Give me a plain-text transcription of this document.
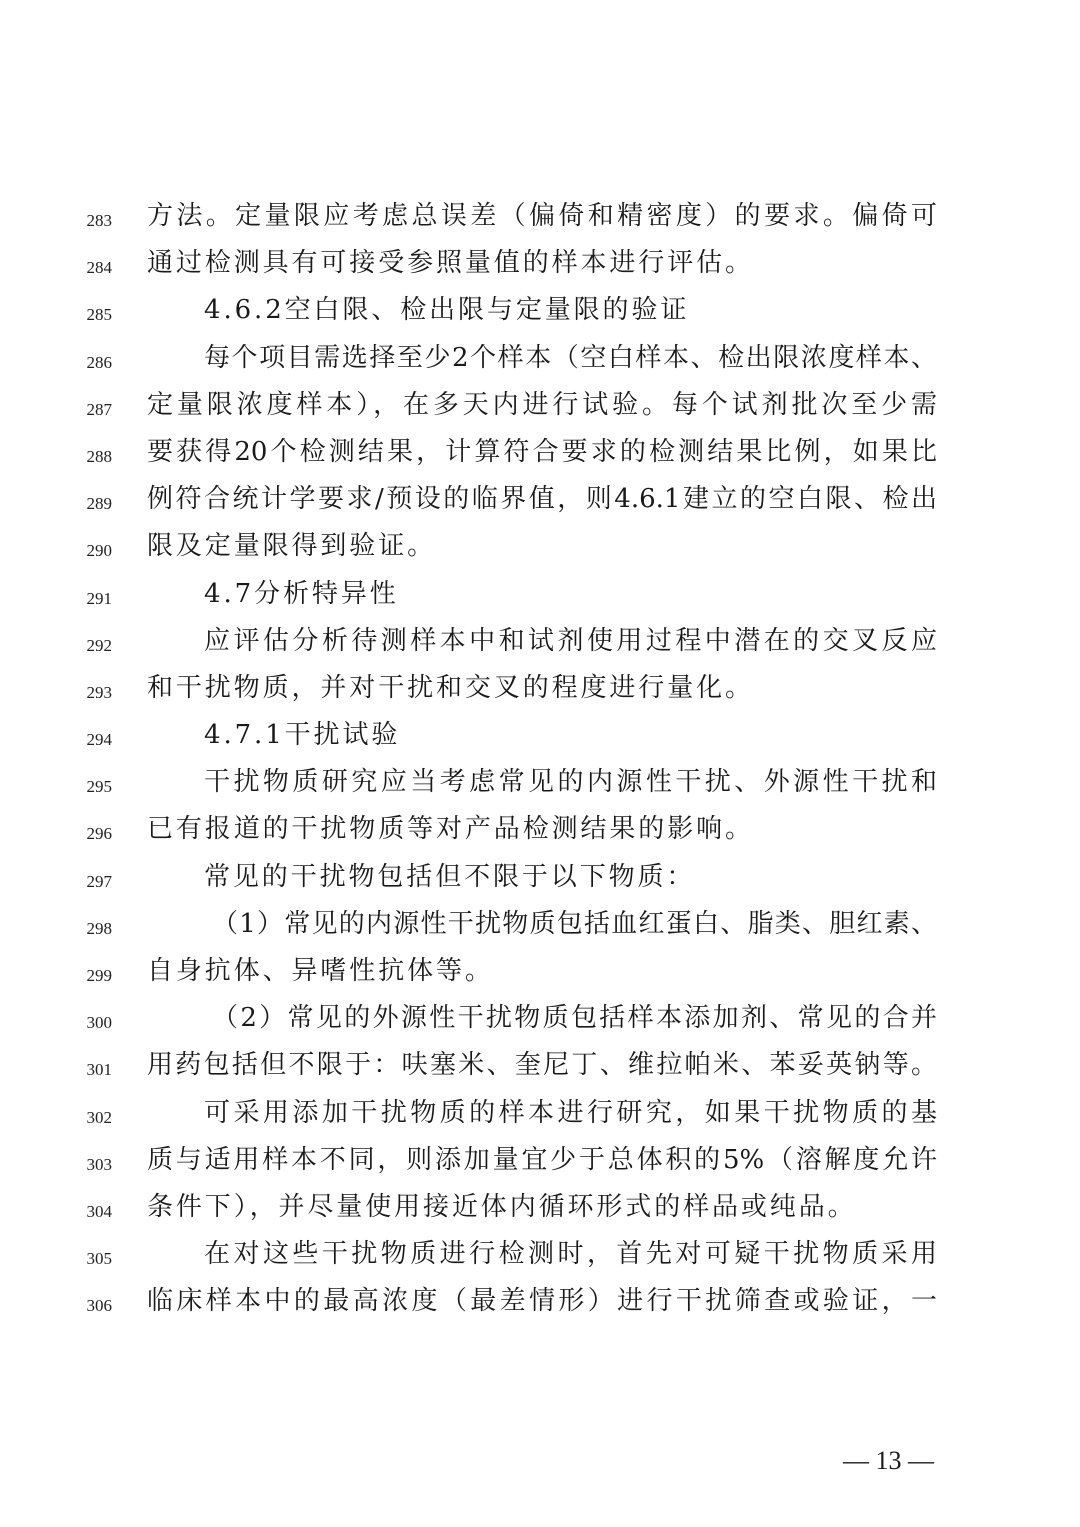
283 方法。定量限应考虑总误差（偏倚和精密度）的要求。偏倚可
284 通过检测具有可接受参照量值的样本进行评估。
285	4.6.2空白限、检出限与定量限的验证
286	每个项目需选择至少2个样本（空白样本、检出限浓度样本、
287 定量限浓度样本），在多天内进行试验。每个试剂批次至少需
288 要获得20个检测结果，计算符合要求的检测结果比例，如果比
289 例符合统计学要求/预设的临界值，则4.6.1建立的空白限、检出
290 限及定量限得到验证。
291	4.7分析特异性
292	应评估分析待测样本中和试剂使用过程中潜在的交叉反应
293 和干扰物质，并对干扰和交叉的程度进行量化。
294	4.7.1干扰试验
295	干扰物质研究应当考虑常见的内源性干扰、外源性干扰和
296 已有报道的干扰物质等对产品检测结果的影响。
297	常见的干扰物包括但不限于以下物质：
298	（1）常见的内源性干扰物质包括血红蛋白、脂类、胆红素、
299 自身抗体、异嗜性抗体等。
300	（2）常见的外源性干扰物质包括样本添加剂、常见的合并
301 用药包括但不限于：呋塞米、奎尼丁、维拉帕米、苯妥英钠等。
302	可采用添加干扰物质的样本进行研究，如果干扰物质的基
303 质与适用样本不同，则添加量宜少于总体积的5%（溶解度允许
304 条件下），并尽量使用接近体内循环形式的样品或纯品。
305	在对这些干扰物质进行检测时，首先对可疑干扰物质采用
306 临床样本中的最高浓度（最差情形）进行干扰筛查或验证，一
— 13 —
